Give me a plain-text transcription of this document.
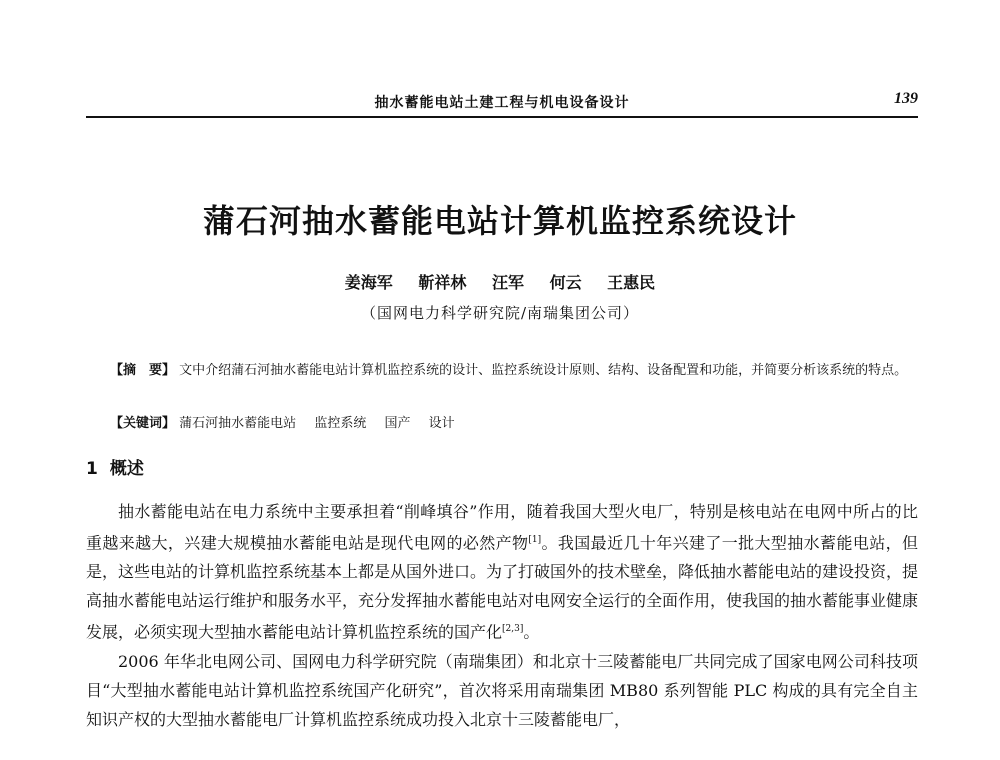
抽水蓄能电站土建工程与机电设备设计	139
蒲石河抽水蓄能电站计算机监控系统设计
姜海军 靳祥林 汪军 何云 王惠民
（国网电力科学研究院/南瑞集团公司）
【摘　要】 文中介绍蒲石河抽水蓄能电站计算机监控系统的设计、监控系统设计原则、结构、设备配置和功能，并简要分析该系统的特点。
【关键词】 蒲石河抽水蓄能电站 监控系统 国产 设计
1 概述

抽水蓄能电站在电力系统中主要承担着“削峰填谷”作用，随着我国大型火电厂，特别是核电站在电网中所占的比重越来越大，兴建大规模抽水蓄能电站是现代电网的必然产物[1]。我国最近几十年兴建了一批大型抽水蓄能电站，但是，这些电站的计算机监控系统基本上都是从国外进口。为了打破国外的技术壁垒，降低抽水蓄能电站的建设投资，提高抽水蓄能电站运行维护和服务水平，充分发挥抽水蓄能电站对电网安全运行的全面作用，使我国的抽水蓄能事业健康发展，必须实现大型抽水蓄能电站计算机监控系统的国产化[2,3]。

2006 年华北电网公司、国网电力科学研究院（南瑞集团）和北京十三陵蓄能电厂共同完成了国家电网公司科技项目“大型抽水蓄能电站计算机监控系统国产化研究”，首次将采用南瑞集团 MB80 系列智能 PLC 构成的具有完全自主知识产权的大型抽水蓄能电厂计算机监控系统成功投入北京十三陵蓄能电厂，
